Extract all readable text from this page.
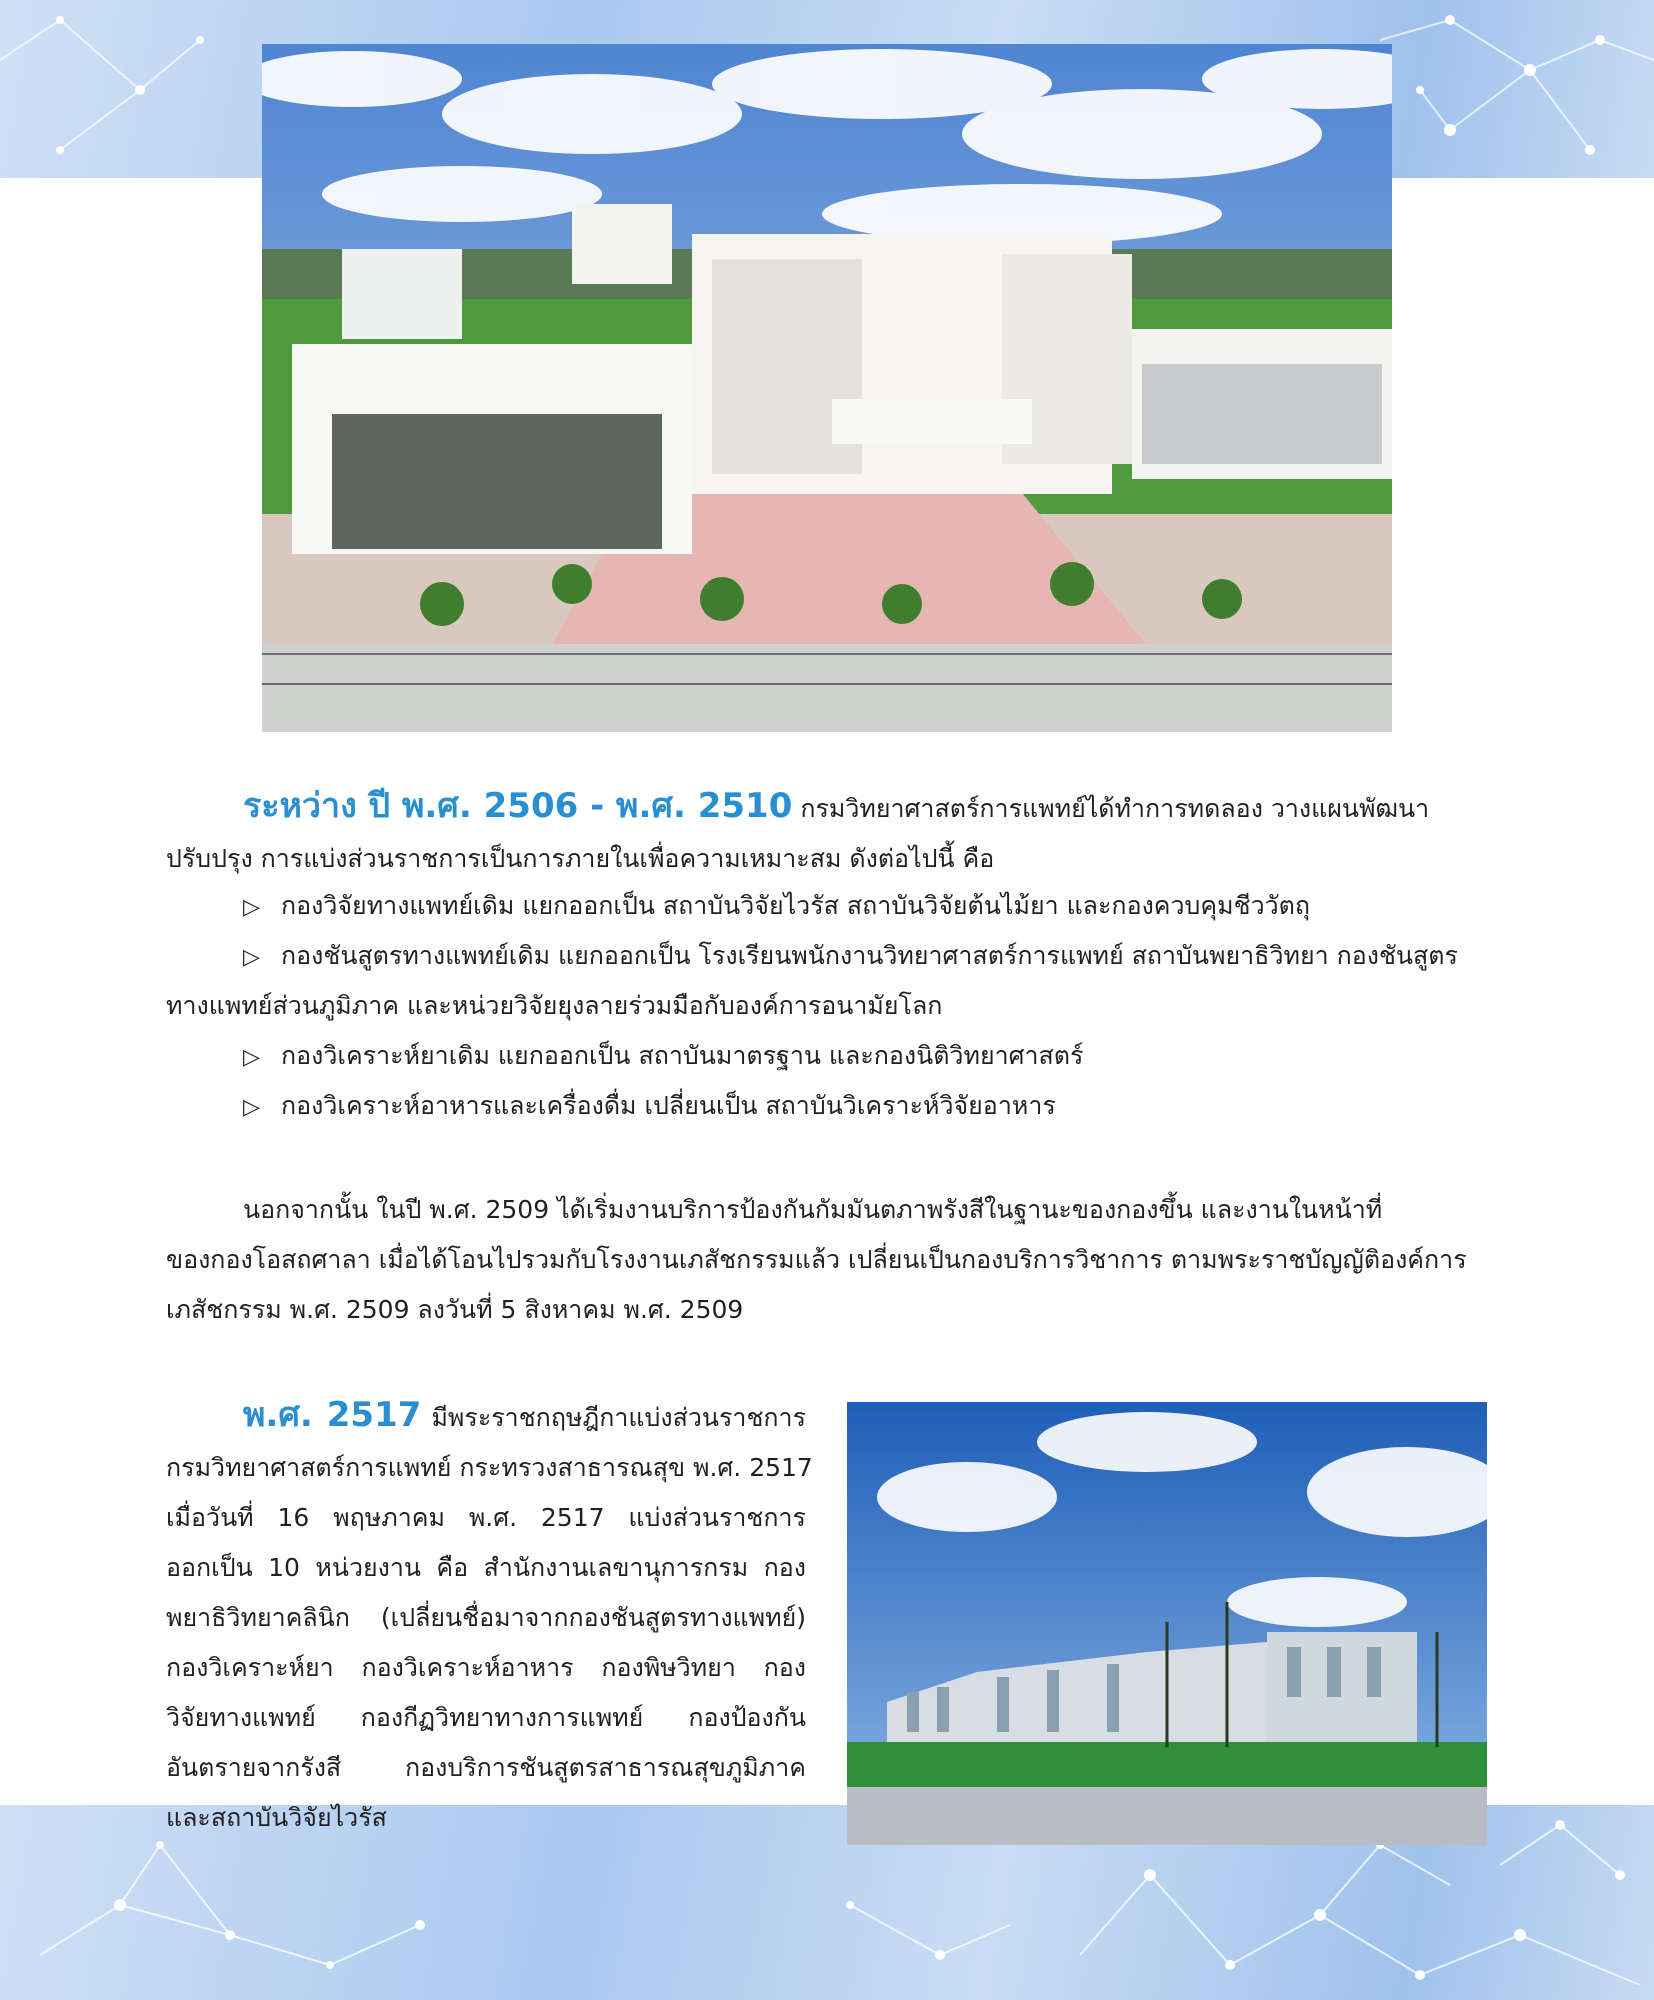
ระหว่าง ปี พ.ศ. 2506 - พ.ศ. 2510 กรมวิทยาศาสตร์การแพทย์ได้ทำการทดลอง วางแผนพัฒนา
ปรับปรุง การแบ่งส่วนราชการเป็นการภายในเพื่อความเหมาะสม ดังต่อไปนี้ คือ
▷ กองวิจัยทางแพทย์เดิม แยกออกเป็น สถาบันวิจัยไวรัส สถาบันวิจัยต้นไม้ยา และกองควบคุมชีววัตถุ
▷ กองชันสูตรทางแพทย์เดิม แยกออกเป็น โรงเรียนพนักงานวิทยาศาสตร์การแพทย์ สถาบันพยาธิวิทยา กองชันสูตร
ทางแพทย์ส่วนภูมิภาค และหน่วยวิจัยยุงลายร่วมมือกับองค์การอนามัยโลก
▷ กองวิเคราะห์ยาเดิม แยกออกเป็น สถาบันมาตรฐาน และกองนิติวิทยาศาสตร์
▷ กองวิเคราะห์อาหารและเครื่องดื่ม เปลี่ยนเป็น สถาบันวิเคราะห์วิจัยอาหาร
นอกจากนั้น ในปี พ.ศ. 2509 ได้เริ่มงานบริการป้องกันกัมมันตภาพรังสีในฐานะของกองขึ้น และงานในหน้าที่
ของกองโอสถศาลา เมื่อได้โอนไปรวมกับโรงงานเภสัชกรรมแล้ว เปลี่ยนเป็นกองบริการวิชาการ ตามพระราชบัญญัติองค์การ
เภสัชกรรม พ.ศ. 2509 ลงวันที่ 5 สิงหาคม พ.ศ. 2509
พ.ศ. 2517 มีพระราชกฤษฎีกาแบ่งส่วนราชการ
กรมวิทยาศาสตร์การแพทย์ กระทรวงสาธารณสุข พ.ศ. 2517
เมื่อวันที่ 16 พฤษภาคม พ.ศ. 2517 แบ่งส่วนราชการ
ออกเป็น 10 หน่วยงาน คือ สำนักงานเลขานุการกรม กอง
พยาธิวิทยาคลินิก (เปลี่ยนชื่อมาจากกองชันสูตรทางแพทย์)
กองวิเคราะห์ยา กองวิเคราะห์อาหาร กองพิษวิทยา กอง
วิจัยทางแพทย์ กองกีฏวิทยาทางการแพทย์ กองป้องกัน
อันตรายจากรังสี กองบริการชันสูตรสาธารณสุขภูมิภาค
และสถาบันวิจัยไวรัส
